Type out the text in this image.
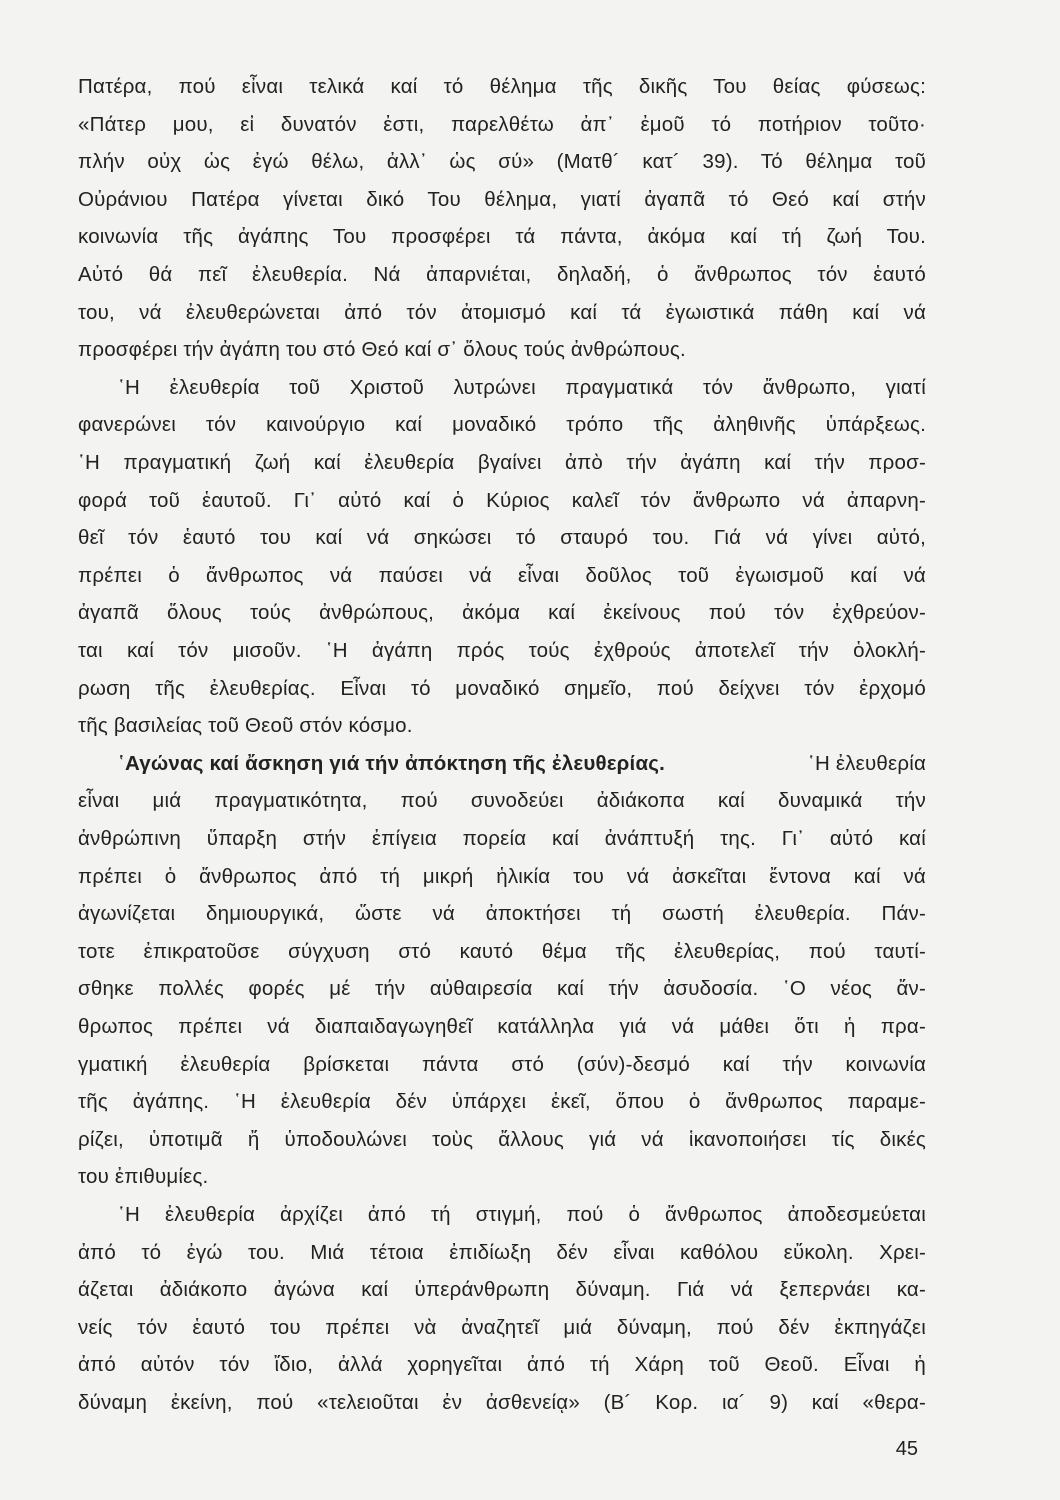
Πατέρα, πού εἶναι τελικά καί τό θέλημα τῆς δικῆς Του θείας φύσεως:
«Πάτερ μου, εἰ δυνατόν ἐστι, παρελθέτω ἀπ᾽ ἐμοῦ τό ποτήριον τοῦτο·
πλήν οὐχ ὡς ἐγώ θέλω, ἀλλ᾽ ὡς σύ» (Ματθ´ κατ´ 39). Τό θέλημα τοῦ
Οὐράνιου Πατέρα γίνεται δικό Του θέλημα, γιατί ἀγαπᾶ τό Θεό καί στήν
κοινωνία τῆς ἀγάπης Του προσφέρει τά πάντα, ἀκόμα καί τή ζωή Του.
Αὐτό θά πεῖ ἐλευθερία. Νά ἀπαρνιέται, δηλαδή, ὁ ἄνθρωπος τόν ἑαυτό
του, νά ἐλευθερώνεται ἀπό τόν ἀτομισμό καί τά ἐγωιστικά πάθη καί νά
προσφέρει τήν ἀγάπη του στό Θεό καί σ᾽ ὅλους τούς ἀνθρώπους.
῾Η ἐλευθερία τοῦ Χριστοῦ λυτρώνει πραγματικά τόν ἄνθρωπο, γιατί
φανερώνει τόν καινούργιο καί μοναδικό τρόπο τῆς ἀληθινῆς ὑπάρξεως.
῾Η πραγματική ζωή καί ἐλευθερία βγαίνει ἀπὸ τήν ἀγάπη καί τήν προσ-
φορά τοῦ ἑαυτοῦ. Γι᾽ αὐτό καί ὁ Κύριος καλεῖ τόν ἄνθρωπο νά ἀπαρνη-
θεῖ τόν ἑαυτό του καί νά σηκώσει τό σταυρό του. Γιά νά γίνει αὐτό,
πρέπει ὁ ἄνθρωπος νά παύσει νά εἶναι δοῦλος τοῦ ἐγωισμοῦ καί νά
ἀγαπᾶ ὅλους τούς ἀνθρώπους, ἀκόμα καί ἐκείνους πού τόν ἐχθρεύον-
ται καί τόν μισοῦν. ῾Η ἀγάπη πρός τούς ἐχθρούς ἀποτελεῖ τήν ὁλοκλή-
ρωση τῆς ἐλευθερίας. Εἶναι τό μοναδικό σημεῖο, πού δείχνει τόν ἐρχομό
τῆς βασιλείας τοῦ Θεοῦ στόν κόσμο.
῾Αγώνας καί ἄσκηση γιά τήν ἀπόκτηση τῆς ἐλευθερίας.	῾Η ἐλευθερία
εἶναι μιά πραγματικότητα, πού συνοδεύει ἀδιάκοπα καί δυναμικά τήν
ἀνθρώπινη ὕπαρξη στήν ἐπίγεια πορεία καί ἀνάπτυξή της. Γι᾽ αὐτό καί
πρέπει ὁ ἄνθρωπος ἀπό τή μικρή ἡλικία του νά ἀσκεῖται ἔντονα καί νά
ἀγωνίζεται δημιουργικά, ὥστε νά ἀποκτήσει τή σωστή ἐλευθερία. Πάν-
τοτε ἐπικρατοῦσε σύγχυση στό καυτό θέμα τῆς ἐλευθερίας, πού ταυτί-
σθηκε πολλές φορές μέ τήν αὐθαιρεσία καί τήν ἀσυδοσία. ῾Ο νέος ἄν-
θρωπος πρέπει νά διαπαιδαγωγηθεῖ κατάλληλα γιά νά μάθει ὅτι ἡ πρα-
γματική ἐλευθερία βρίσκεται πάντα στό (σύν)-δεσμό καί τήν κοινωνία
τῆς ἀγάπης. ῾Η ἐλευθερία δέν ὑπάρχει ἐκεῖ, ὅπου ὁ ἄνθρωπος παραμε-
ρίζει, ὑποτιμᾶ ἤ ὑποδουλώνει τοὺς ἄλλους γιά νά ἱκανοποιήσει τίς δικές
του ἐπιθυμίες.
῾Η ἐλευθερία ἀρχίζει ἀπό τή στιγμή, πού ὁ ἄνθρωπος ἀποδεσμεύεται
ἀπό τό ἐγώ του. Μιά τέτοια ἐπιδίωξη δέν εἶναι καθόλου εὔκολη. Χρει-
άζεται ἀδιάκοπο ἀγώνα καί ὑπεράνθρωπη δύναμη. Γιά νά ξεπερνάει κα-
νείς τόν ἑαυτό του πρέπει νὰ ἀναζητεῖ μιά δύναμη, πού δέν ἐκπηγάζει
ἀπό αὐτόν τόν ἴδιο, ἀλλά χορηγεῖται ἀπό τή Χάρη τοῦ Θεοῦ. Εἶναι ἡ
δύναμη ἐκείνη, πού «τελειοῦται ἐν ἀσθενείᾳ» (Β´ Κορ. ια´ 9) καί «θερα-
45
